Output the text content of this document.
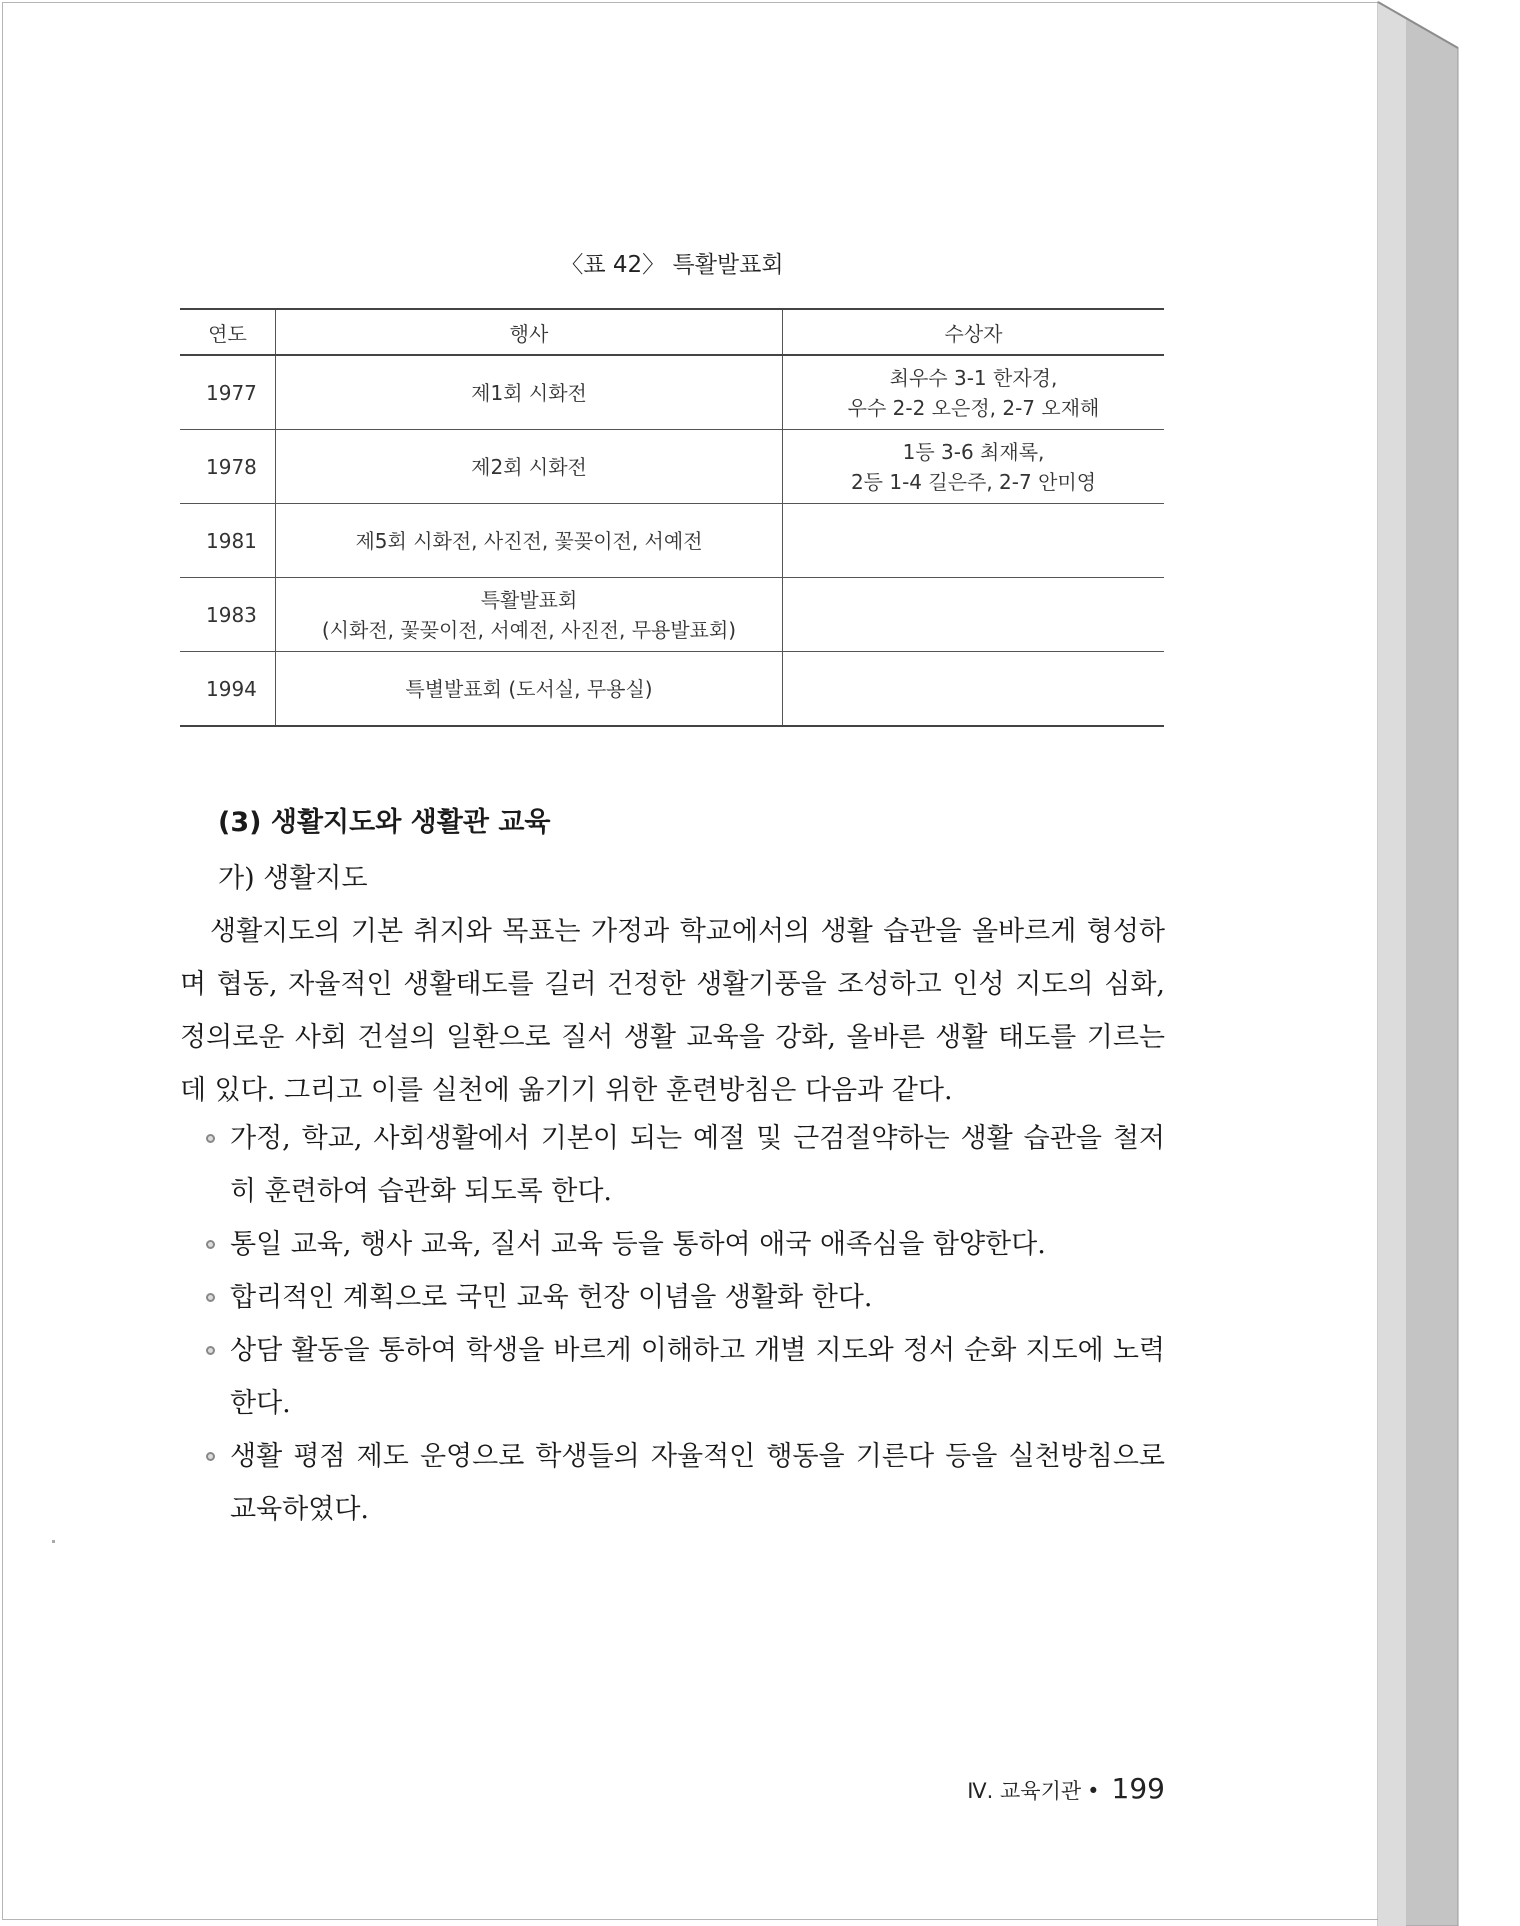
〈표 42〉 특활발표회
연도	행사	수상자
1977	제1회 시화전	최우수 3-1 한자경,
우수 2-2 오은정, 2-7 오재해

1978	제2회 시화전	1등 3-6 최재록,
2등 1-4 길은주, 2-7 안미영

1981	제5회 시화전, 사진전, 꽃꽂이전, 서예전	
1983	특활발표회
(시화전, 꽃꽂이전, 서예전, 사진전, 무용발표회)	

1994	특별발표회 (도서실, 무용실)	
(3) 생활지도와 생활관 교육
가) 생활지도
생활지도의 기본 취지와 목표는 가정과 학교에서의 생활 습관을 올바르게 형성하며 협동, 자율적인 생활태도를 길러 건정한 생활기풍을 조성하고 인성 지도의 심화, 정의로운 사회 건설의 일환으로 질서 생활 교육을 강화, 올바른 생활 태도를 기르는데 있다. 그리고 이를 실천에 옮기기 위한 훈련방침은 다음과 같다.
가정, 학교, 사회생활에서 기본이 되는 예절 및 근검절약하는 생활 습관을 철저히 훈련하여 습관화 되도록 한다.
통일 교육, 행사 교육, 질서 교육 등을 통하여 애국 애족심을 함양한다.
합리적인 계획으로 국민 교육 헌장 이념을 생활화 한다.
상담 활동을 통하여 학생을 바르게 이해하고 개별 지도와 정서 순화 지도에 노력한다.
생활 평점 제도 운영으로 학생들의 자율적인 행동을 기른다 등을 실천방침으로 교육하였다.
Ⅳ. 교육기관 • 199
